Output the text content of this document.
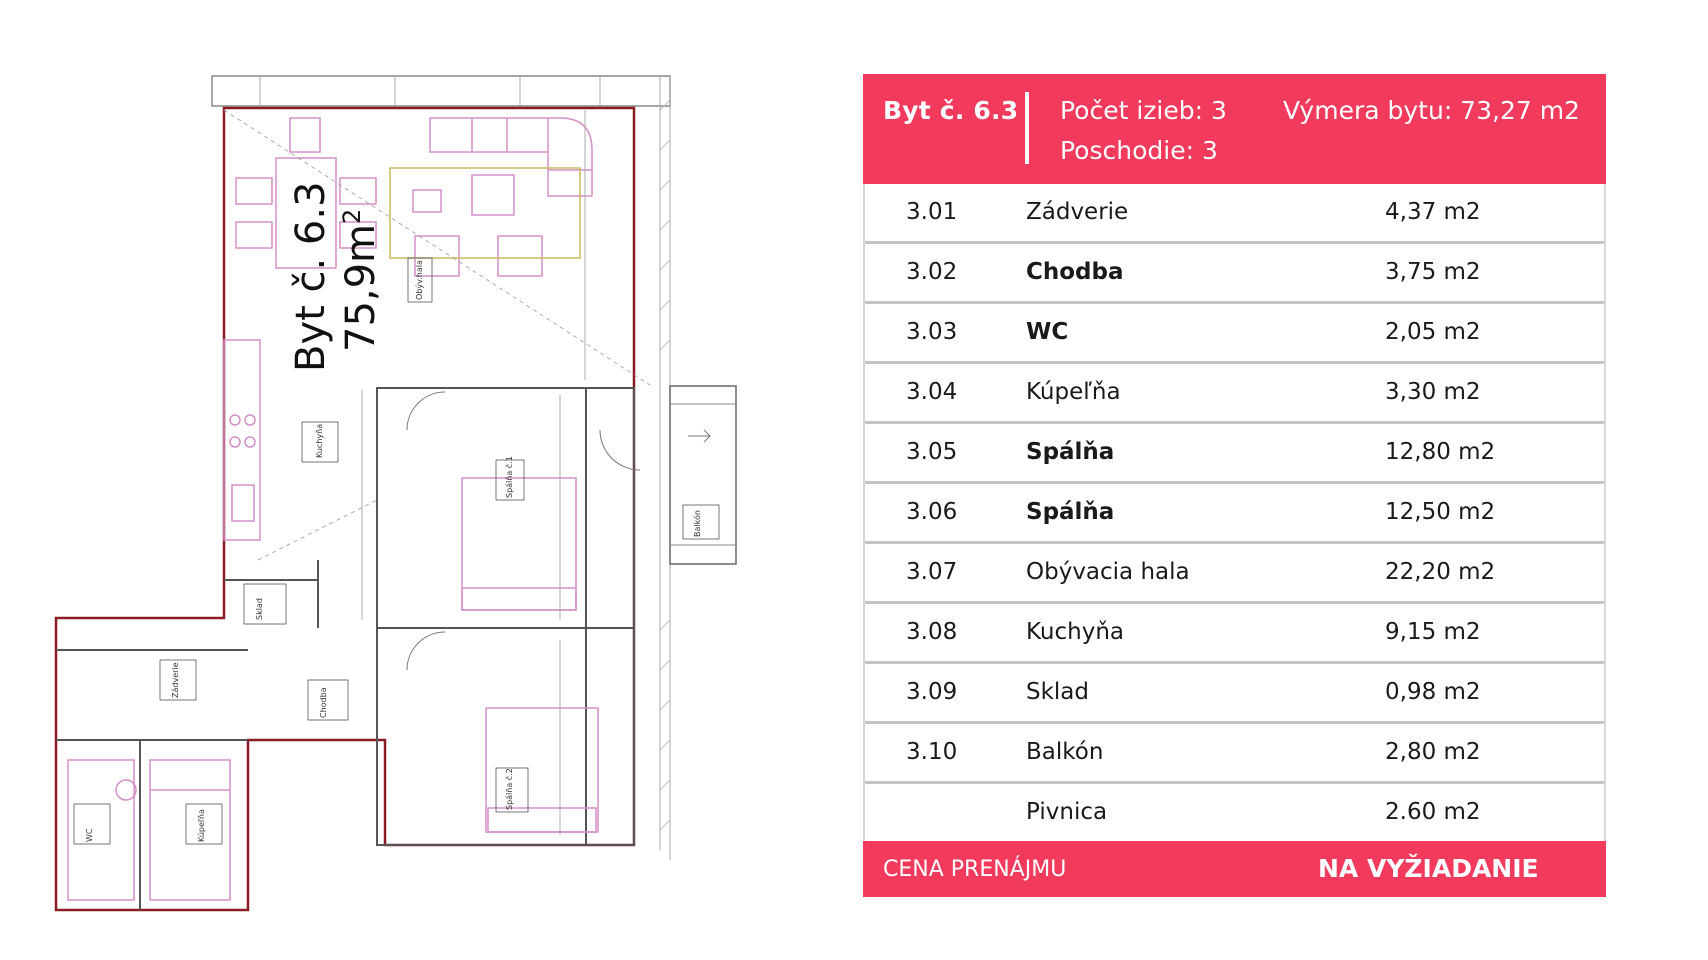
Obýv.hala
Kuchyňa
Spálňa č.1
Sklad
Zádverie
Chodba
Spálňa č.2
WC	Kúpeľňa
Balkón
Byt č. 6.3 $75,9m^2$
Byt č. 6.3 Počet izieb: 3
Poschodie: 3
Výmera bytu: 73,27 m2
3.01	Zádverie	4,37 m2
3.02	Chodba	3,75 m2
3.03	WC	2,05 m2
3.04	Kúpeľňa	3,30 m2
3.05	Spálňa	12,80 m2
3.06	Spálňa	12,50 m2
3.07	Obývacia hala	22,20 m2
3.08	Kuchyňa	9,15 m2
3.09	Sklad	0,98 m2
3.10	Balkón	2,80 m2
Pivnica	2.60 m2
CENA PRENÁJMU	NA VYŽIADANIE
